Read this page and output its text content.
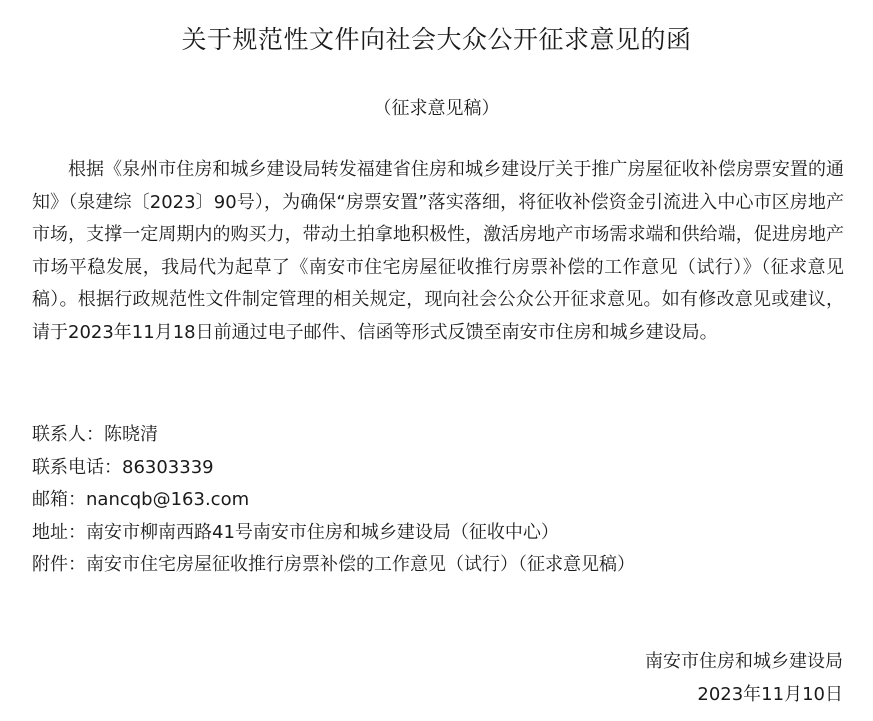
关于规范性文件向社会大众公开征求意见的函
（征求意见稿）

根据《泉州市住房和城乡建设局转发福建省住房和城乡建设厅关于推广房屋征收补偿房票安置的通知》（泉建综〔2023〕90号），为确保“房票安置”落实落细，将征收补偿资金引流进入中心市区房地产市场，支撑一定周期内的购买力，带动土拍拿地积极性，激活房地产市场需求端和供给端，促进房地产市场平稳发展，我局代为起草了《南安市住宅房屋征收推行房票补偿的工作意见（试行）》（征求意见稿）。根据行政规范性文件制定管理的相关规定，现向社会公众公开征求意见。如有修改意见或建议，请于2023年11月18日前通过电子邮件、信函等形式反馈至南安市住房和城乡建设局。

联系人：陈晓清
联系电话：86303339
邮箱：nancqb@163.com
地址：南安市柳南西路41号南安市住房和城乡建设局（征收中心）
附件：南安市住宅房屋征收推行房票补偿的工作意见（试行）（征求意见稿）
南安市住房和城乡建设局
2023年11月10日
